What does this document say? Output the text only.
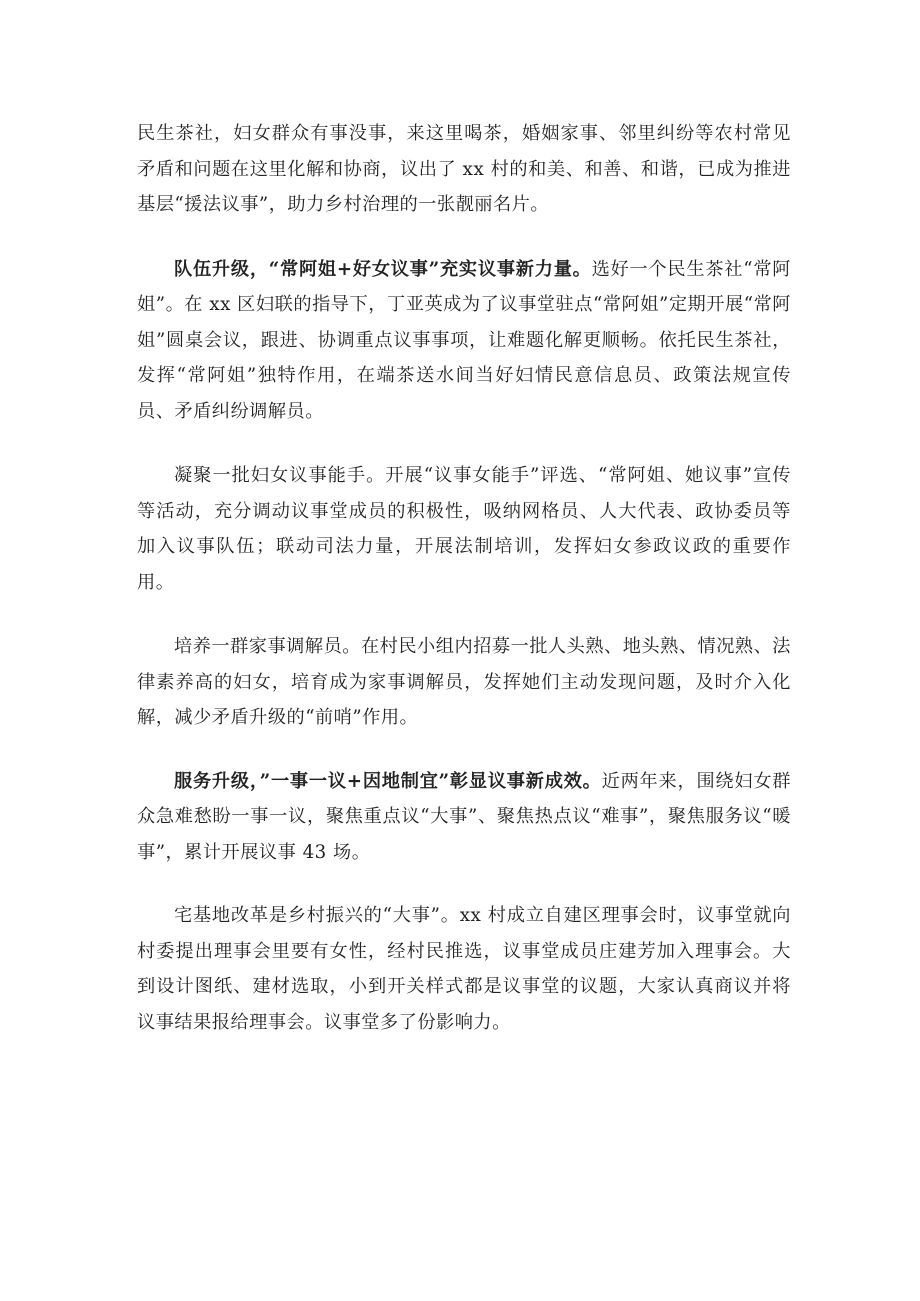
民生茶社，妇女群众有事没事，来这里喝茶，婚姻家事、邻里纠纷等农村常见矛盾和问题在这里化解和协商，议出了 xx 村的和美、和善、和谐，已成为推进基层“援法议事”，助力乡村治理的一张靓丽名片。

队伍升级，“常阿姐+好女议事”充实议事新力量。选好一个民生茶社“常阿姐”。在 xx 区妇联的指导下，丁亚英成为了议事堂驻点“常阿姐”定期开展“常阿姐”圆桌会议，跟进、协调重点议事事项，让难题化解更顺畅。依托民生茶社，发挥“常阿姐”独特作用，在端茶送水间当好妇情民意信息员、政策法规宣传员、矛盾纠纷调解员。

凝聚一批妇女议事能手。开展“议事女能手”评选、“常阿姐、她议事”宣传等活动，充分调动议事堂成员的积极性，吸纳网格员、人大代表、政协委员等加入议事队伍；联动司法力量，开展法制培训，发挥妇女参政议政的重要作用。

培养一群家事调解员。在村民小组内招募一批人头熟、地头熟、情况熟、法律素养高的妇女，培育成为家事调解员，发挥她们主动发现问题，及时介入化解，减少矛盾升级的“前哨”作用。

服务升级，”一事一议+因地制宜”彰显议事新成效。近两年来，围绕妇女群众急难愁盼一事一议，聚焦重点议“大事”、聚焦热点议“难事”，聚焦服务议“暖事”，累计开展议事 43 场。

宅基地改革是乡村振兴的“大事”。xx 村成立自建区理事会时，议事堂就向村委提出理事会里要有女性，经村民推选，议事堂成员庄建芳加入理事会。大到设计图纸、建材选取，小到开关样式都是议事堂的议题，大家认真商议并将议事结果报给理事会。议事堂多了份影响力。
